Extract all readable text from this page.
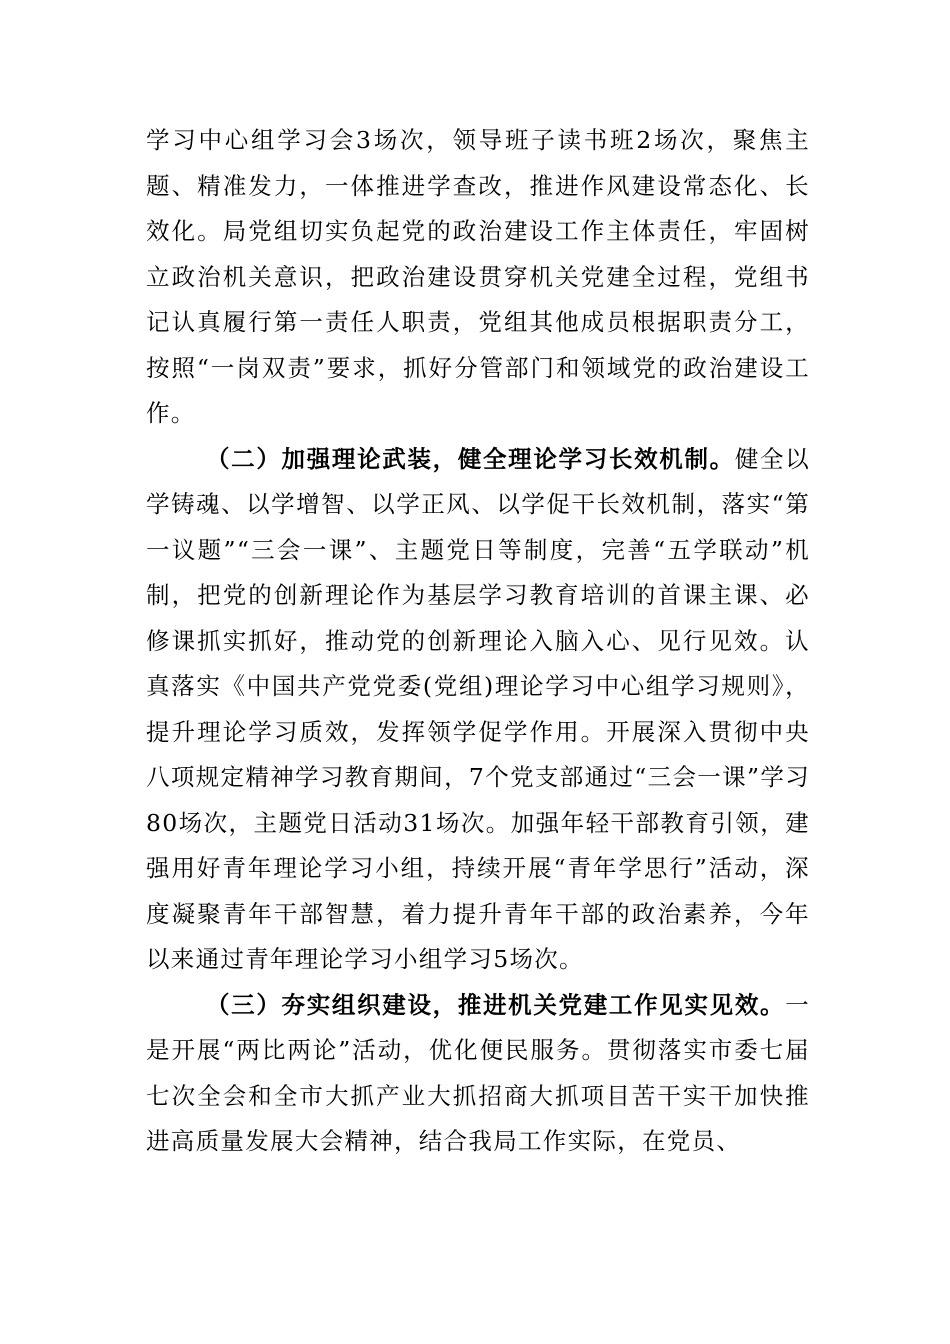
学习中心组学习会3场次，领导班子读书班2场次，聚焦主题、精准发力，一体推进学查改，推进作风建设常态化、长效化。局党组切实负起党的政治建设工作主体责任，牢固树立政治机关意识，把政治建设贯穿机关党建全过程，党组书记认真履行第一责任人职责，党组其他成员根据职责分工，按照“一岗双责”要求，抓好分管部门和领域党的政治建设工作。

（二）加强理论武装，健全理论学习长效机制。健全以学铸魂、以学增智、以学正风、以学促干长效机制，落实“第一议题”“三会一课”、主题党日等制度，完善“五学联动”机制，把党的创新理论作为基层学习教育培训的首课主课、必修课抓实抓好，推动党的创新理论入脑入心、见行见效。认真落实《中国共产党党委(党组)理论学习中心组学习规则》，提升理论学习质效，发挥领学促学作用。开展深入贯彻中央八项规定精神学习教育期间，7个党支部通过“三会一课”学习80场次，主题党日活动31场次。加强年轻干部教育引领，建强用好青年理论学习小组，持续开展“青年学思行”活动，深度凝聚青年干部智慧，着力提升青年干部的政治素养，今年以来通过青年理论学习小组学习5场次。

（三）夯实组织建设，推进机关党建工作见实见效。一是开展“两比两论”活动，优化便民服务。贯彻落实市委七届七次全会和全市大抓产业大抓招商大抓项目苦干实干加快推进高质量发展大会精神，结合我局工作实际，在党员、
